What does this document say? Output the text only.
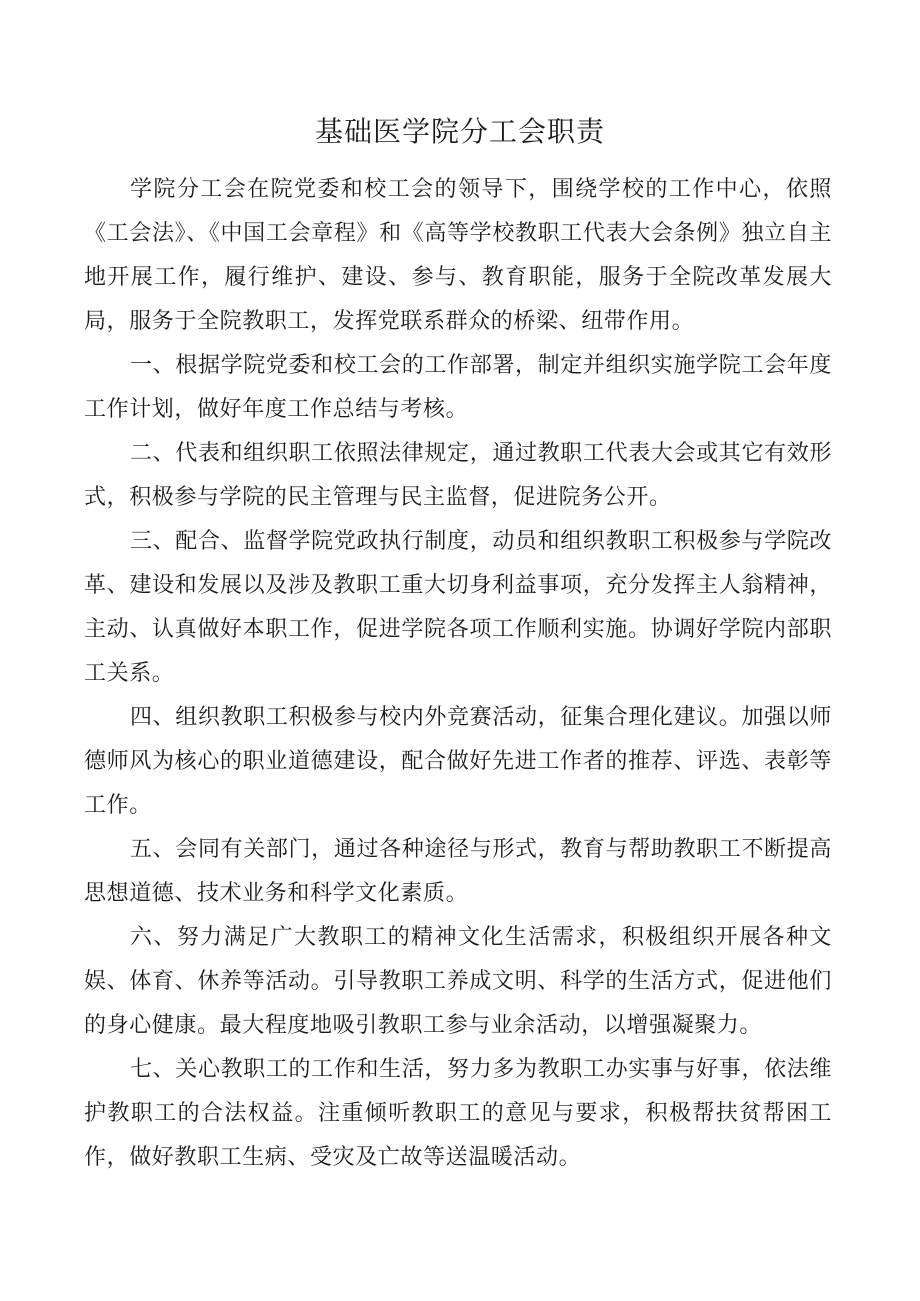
基础医学院分工会职责

学院分工会在院党委和校工会的领导下，围绕学校的工作中心，依照《工会法》、《中国工会章程》和《高等学校教职工代表大会条例》独立自主地开展工作，履行维护、建设、参与、教育职能，服务于全院改革发展大局，服务于全院教职工，发挥党联系群众的桥梁、纽带作用。

一、根据学院党委和校工会的工作部署，制定并组织实施学院工会年度工作计划，做好年度工作总结与考核。

二、代表和组织职工依照法律规定，通过教职工代表大会或其它有效形式，积极参与学院的民主管理与民主监督，促进院务公开。

三、配合、监督学院党政执行制度，动员和组织教职工积极参与学院改革、建设和发展以及涉及教职工重大切身利益事项，充分发挥主人翁精神，主动、认真做好本职工作，促进学院各项工作顺利实施。协调好学院内部职工关系。

四、组织教职工积极参与校内外竞赛活动，征集合理化建议。加强以师德师风为核心的职业道德建设，配合做好先进工作者的推荐、评选、表彰等工作。

五、会同有关部门，通过各种途径与形式，教育与帮助教职工不断提高思想道德、技术业务和科学文化素质。

六、努力满足广大教职工的精神文化生活需求，积极组织开展各种文娱、体育、休养等活动。引导教职工养成文明、科学的生活方式，促进他们的身心健康。最大程度地吸引教职工参与业余活动，以增强凝聚力。

七、关心教职工的工作和生活，努力多为教职工办实事与好事，依法维护教职工的合法权益。注重倾听教职工的意见与要求，积极帮扶贫帮困工作，做好教职工生病、受灾及亡故等送温暖活动。
